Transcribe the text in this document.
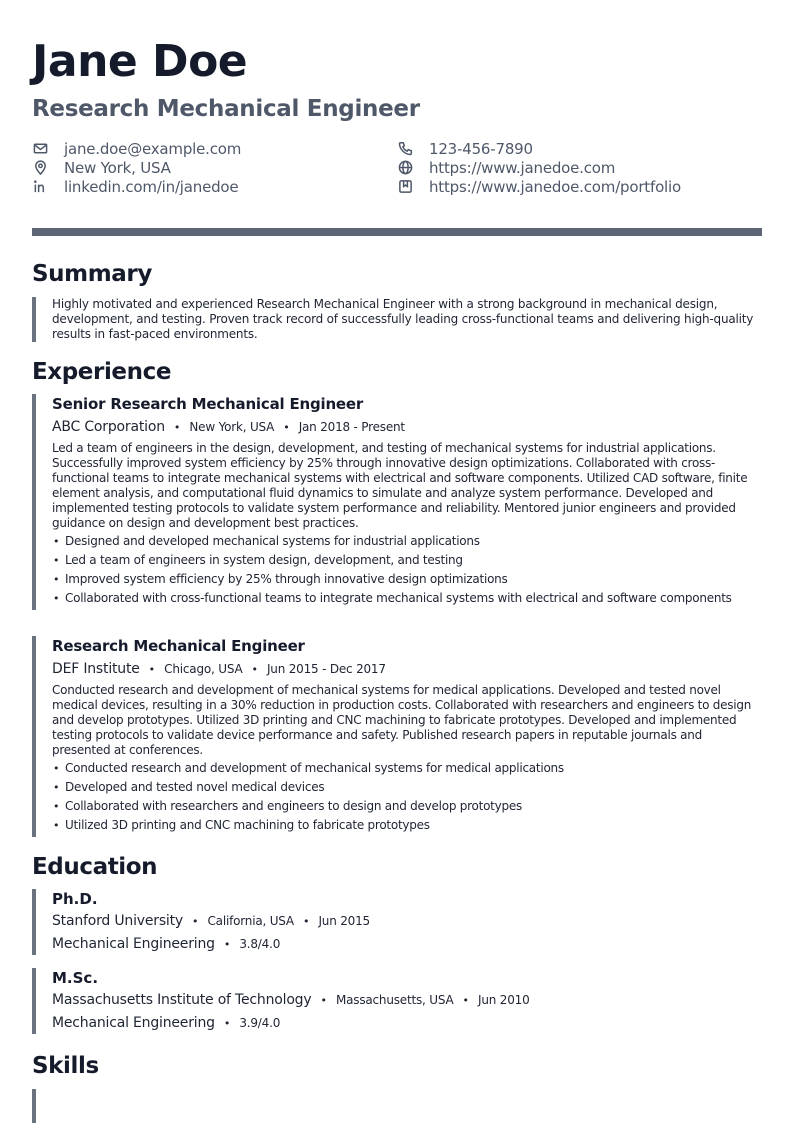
Jane Doe
Research Mechanical Engineer
jane.doe@example.com
New York, USA
linkedin.com/in/janedoe
123-456-7890
https://www.janedoe.com
https://www.janedoe.com/portfolio
Summary
Highly motivated and experienced Research Mechanical Engineer with a strong background in mechanical design, development, and testing. Proven track record of successfully leading cross-functional teams and delivering high-quality results in fast-paced environments.
Experience
Senior Research Mechanical Engineer
ABC Corporation • New York, USA • Jan 2018 - Present
Led a team of engineers in the design, development, and testing of mechanical systems for industrial applications. Successfully improved system efficiency by 25% through innovative design optimizations. Collaborated with cross-functional teams to integrate mechanical systems with electrical and software components. Utilized CAD software, finite element analysis, and computational fluid dynamics to simulate and analyze system performance. Developed and implemented testing protocols to validate system performance and reliability. Mentored junior engineers and provided guidance on design and development best practices.
• Designed and developed mechanical systems for industrial applications
• Led a team of engineers in system design, development, and testing
• Improved system efficiency by 25% through innovative design optimizations
• Collaborated with cross-functional teams to integrate mechanical systems with electrical and software components
Research Mechanical Engineer
DEF Institute • Chicago, USA • Jun 2015 - Dec 2017
Conducted research and development of mechanical systems for medical applications. Developed and tested novel medical devices, resulting in a 30% reduction in production costs. Collaborated with researchers and engineers to design and develop prototypes. Utilized 3D printing and CNC machining to fabricate prototypes. Developed and implemented testing protocols to validate device performance and safety. Published research papers in reputable journals and presented at conferences.
• Conducted research and development of mechanical systems for medical applications
• Developed and tested novel medical devices
• Collaborated with researchers and engineers to design and develop prototypes
• Utilized 3D printing and CNC machining to fabricate prototypes
Education
Ph.D.
Stanford University • California, USA • Jun 2015
Mechanical Engineering • 3.8/4.0
M.Sc.
Massachusetts Institute of Technology • Massachusetts, USA • Jun 2010
Mechanical Engineering • 3.9/4.0
Skills
